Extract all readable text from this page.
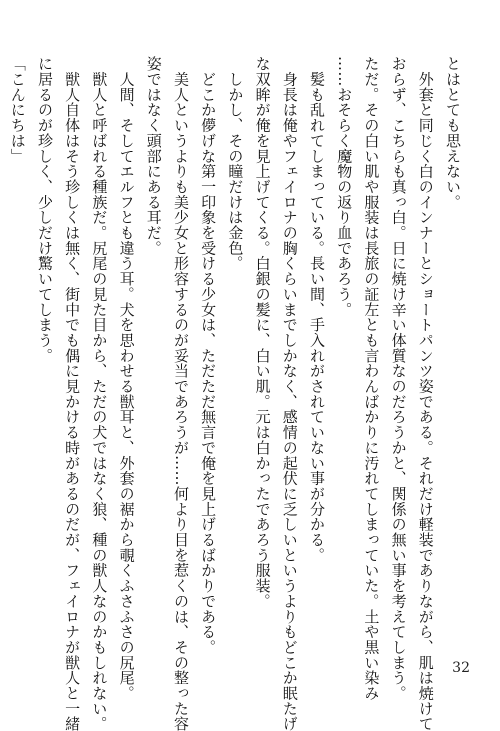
とはとても思えない。

　外套と同じく白のインナーとショートパンツ姿である。それだけ軽装でありながら、肌は焼けて

おらず、こちらも真っ白。日に焼け辛い体質なのだろうかと、関係の無い事を考えてしまう。

ただ。その白い肌や服装は長旅の証左とも言わんばかりに汚れてしまっていた。土や黒い染み

……おそらく魔物の返り血であろう。

　髪も乱れてしまっている。長い間、手入れがされていない事が分かる。

　身長は俺やフェイロナの胸くらいまでしかなく、感情の起伏に乏しいというよりもどこか眠たげ

な双眸が俺を見上げてくる。白銀の髪に、白い肌。元は白かったであろう服装。

　しかし、その瞳だけは金色。

　どこか儚げな第一印象を受ける少女は、ただただ無言で俺を見上げるばかりである。

　美人というよりも美少女と形容するのが妥当であろうが……何より目を惹くのは、その整った容

姿ではなく頭部にある耳だ。

　人間、そしてエルフとも違う耳。犬を思わせる獣耳と、外套の裾から覗くふさふさの尻尾。

　獣人と呼ばれる種族だ。尻尾の見た目から、ただの犬ではなく狼、種の獣人なのかもしれない。

　獣人自体はそう珍しくは無く、街中でも偶に見かける時があるのだが、フェイロナが獣人と一緒

に居るのが珍しく、少しだけ驚いてしまう。

「こんにちは」

32
